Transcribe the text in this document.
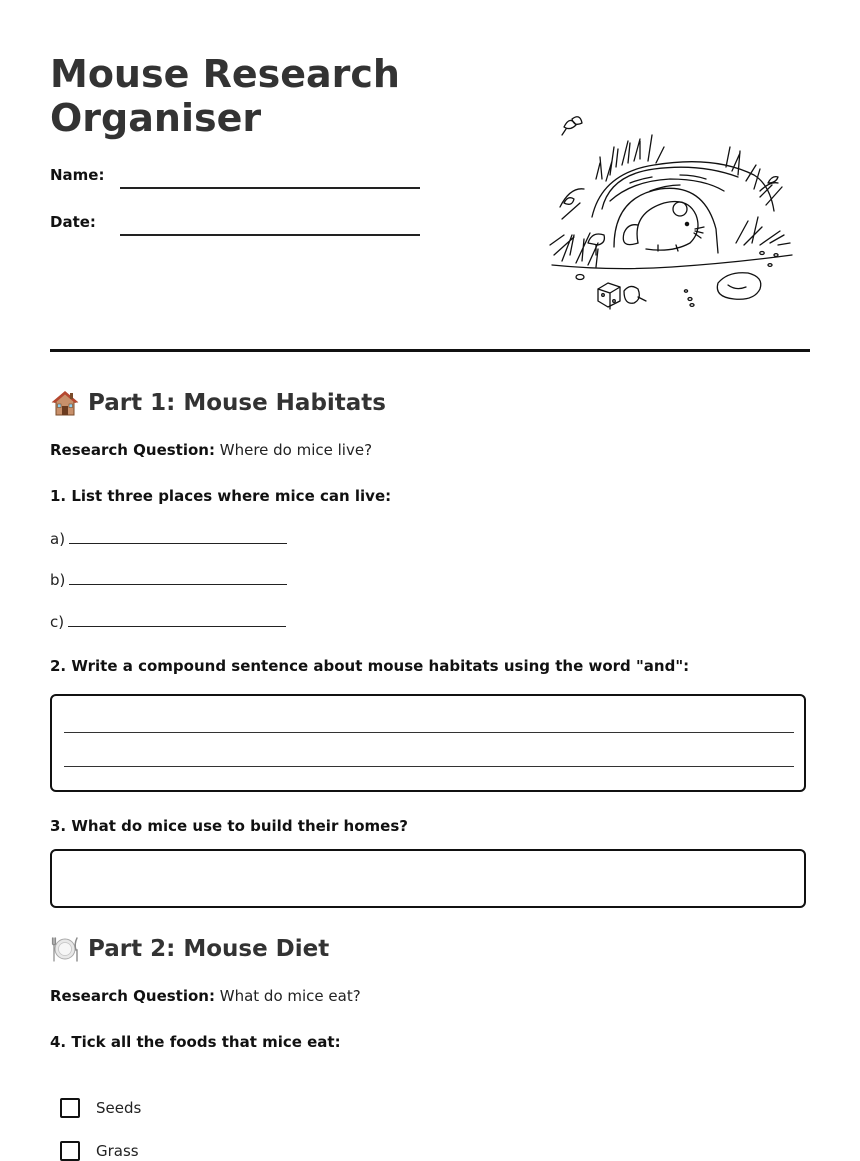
Mouse Research Organiser
Name:
Date:
Part 1: Mouse Habitats
Research Question: Where do mice live?
1. List three places where mice can live:
a)
b)
c)
2. Write a compound sentence about mouse habitats using the word "and":
3. What do mice use to build their homes?
Part 2: Mouse Diet
Research Question: What do mice eat?
4. Tick all the foods that mice eat:
Seeds
Grass
